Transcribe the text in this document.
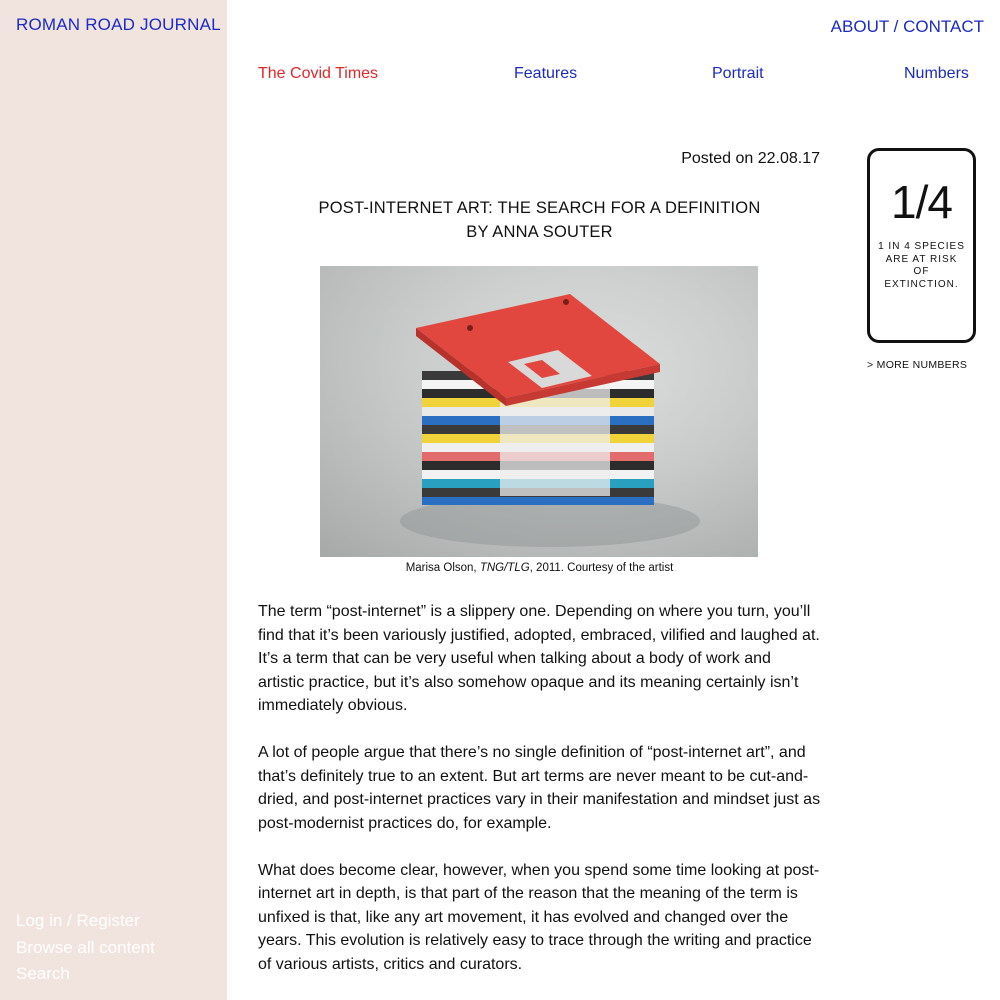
ROMAN ROAD JOURNAL
Log in / Register
Browse all content
Search
ABOUT / CONTACT
The Covid Times	Features	Portrait	Numbers
Posted on 22.08.17
POST-INTERNET ART: THE SEARCH FOR A DEFINITION
BY ANNA SOUTER
Marisa Olson, TNG/TLG, 2011. Courtesy of the artist

The term “post-internet” is a slippery one. Depending on where you turn, you’ll find that it’s been variously justified, adopted, embraced, vilified and laughed at. It’s a term that can be very useful when talking about a body of work and artistic practice, but it’s also somehow opaque and its meaning certainly isn’t immediately obvious.

A lot of people argue that there’s no single definition of “post-internet art”, and that’s definitely true to an extent. But art terms are never meant to be cut-and-dried, and post-internet practices vary in their manifestation and mindset just as post-modernist practices do, for example.

What does become clear, however, when you spend some time looking at post-internet art in depth, is that part of the reason that the meaning of the term is unfixed is that, like any art movement, it has evolved and changed over the years. This evolution is relatively easy to trace through the writing and practice of various artists, critics and curators.

1/4
1 IN 4 SPECIES ARE AT RISK OF EXTINCTION.
> MORE NUMBERS
